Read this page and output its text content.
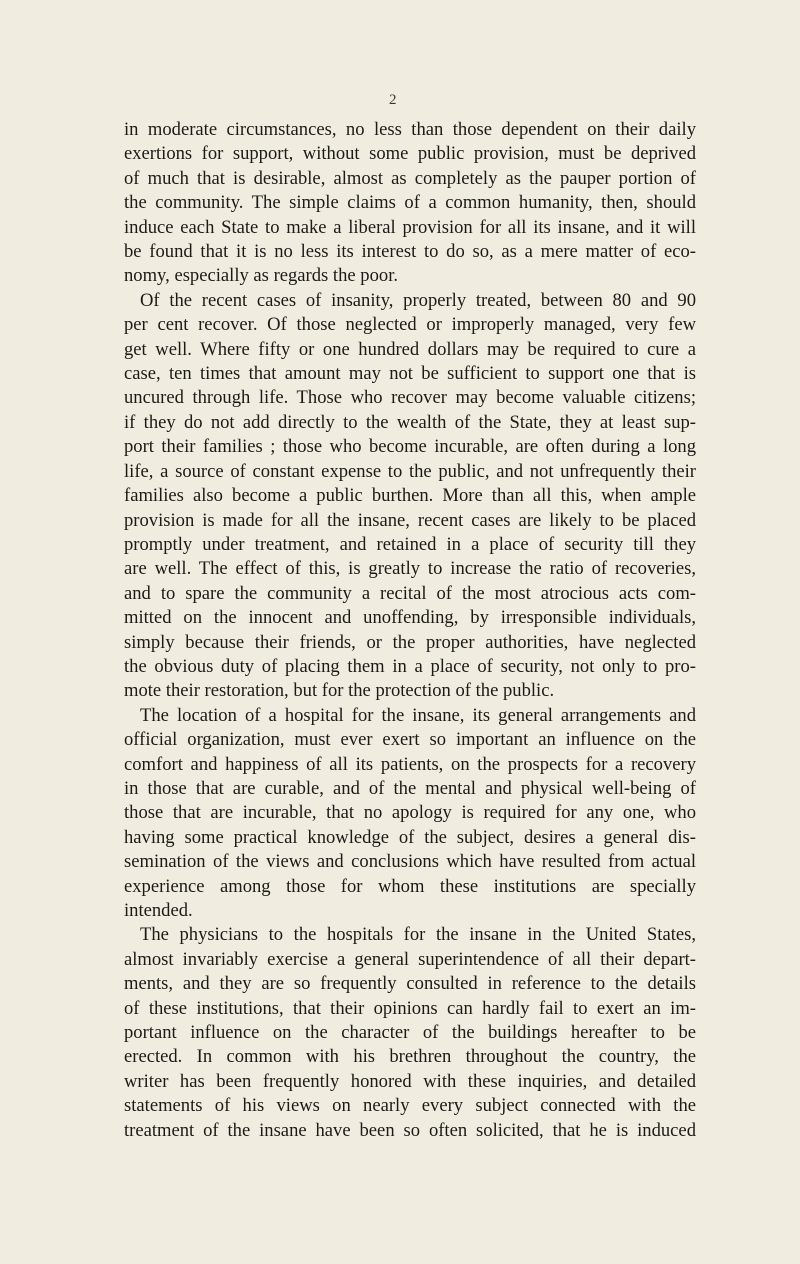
2

in moderate circumstances, no less than those dependent on their daily

exertions for support, without some public provision, must be deprived

of much that is desirable, almost as completely as the pauper portion of

the community. The simple claims of a common humanity, then, should

induce each State to make a liberal provision for all its insane, and it will

be found that it is no less its interest to do so, as a mere matter of eco-

nomy, especially as regards the poor.

Of the recent cases of insanity, properly treated, between 80 and 90

per cent recover. Of those neglected or improperly managed, very few

get well. Where fifty or one hundred dollars may be required to cure a

case, ten times that amount may not be sufficient to support one that is

uncured through life. Those who recover may become valuable citizens;

if they do not add directly to the wealth of the State, they at least sup-

port their families ; those who become incurable, are often during a long

life, a source of constant expense to the public, and not unfrequently their

families also become a public burthen. More than all this, when ample

provision is made for all the insane, recent cases are likely to be placed

promptly under treatment, and retained in a place of security till they

are well. The effect of this, is greatly to increase the ratio of recoveries,

and to spare the community a recital of the most atrocious acts com-

mitted on the innocent and unoffending, by irresponsible individuals,

simply because their friends, or the proper authorities, have neglected

the obvious duty of placing them in a place of security, not only to pro-

mote their restoration, but for the protection of the public.

The location of a hospital for the insane, its general arrangements and

official organization, must ever exert so important an influence on the

comfort and happiness of all its patients, on the prospects for a recovery

in those that are curable, and of the mental and physical well-being of

those that are incurable, that no apology is required for any one, who

having some practical knowledge of the subject, desires a general dis-

semination of the views and conclusions which have resulted from actual

experience among those for whom these institutions are specially

intended.

The physicians to the hospitals for the insane in the United States,

almost invariably exercise a general superintendence of all their depart-

ments, and they are so frequently consulted in reference to the details

of these institutions, that their opinions can hardly fail to exert an im-

portant influence on the character of the buildings hereafter to be

erected. In common with his brethren throughout the country, the

writer has been frequently honored with these inquiries, and detailed

statements of his views on nearly every subject connected with the

treatment of the insane have been so often solicited, that he is induced
